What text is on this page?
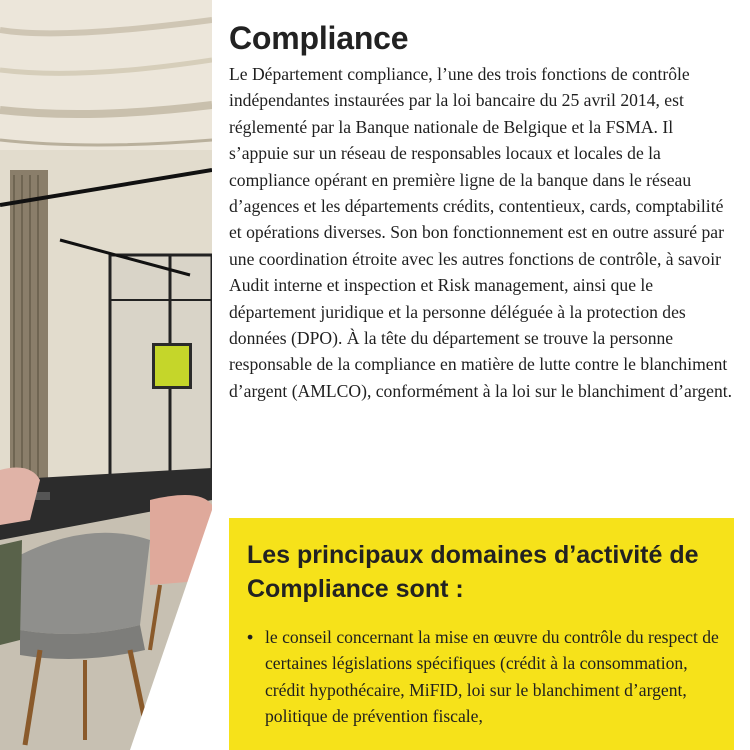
Compliance

Le Département compliance, l’une des trois fonctions de contrôle indépendantes instaurées par la loi bancaire du 25 avril 2014, est réglementé par la Banque nationale de Belgique et la FSMA. Il s’appuie sur un réseau de responsables locaux et locales de la compliance opérant en première ligne de la banque dans le réseau d’agences et les départements crédits, contentieux, cards, comptabilité et opérations diverses. Son bon fonctionnement est en outre assuré par une coordination étroite avec les autres fonctions de contrôle, à savoir Audit interne et inspection et Risk management, ainsi que le département juridique et la personne déléguée à la protection des données (DPO). À la tête du département se trouve la personne responsable de la compliance en matière de lutte contre le blanchiment d’argent (AMLCO), conformément à la loi sur le blanchiment d’argent.

Les principaux domaines d’activité de Compliance sont :
• le conseil concernant la mise en œuvre du contrôle du respect de certaines législations spécifiques (crédit à la consommation, crédit hypothécaire, MiFID, loi sur le blanchiment d’argent, politique de prévention fiscale,
